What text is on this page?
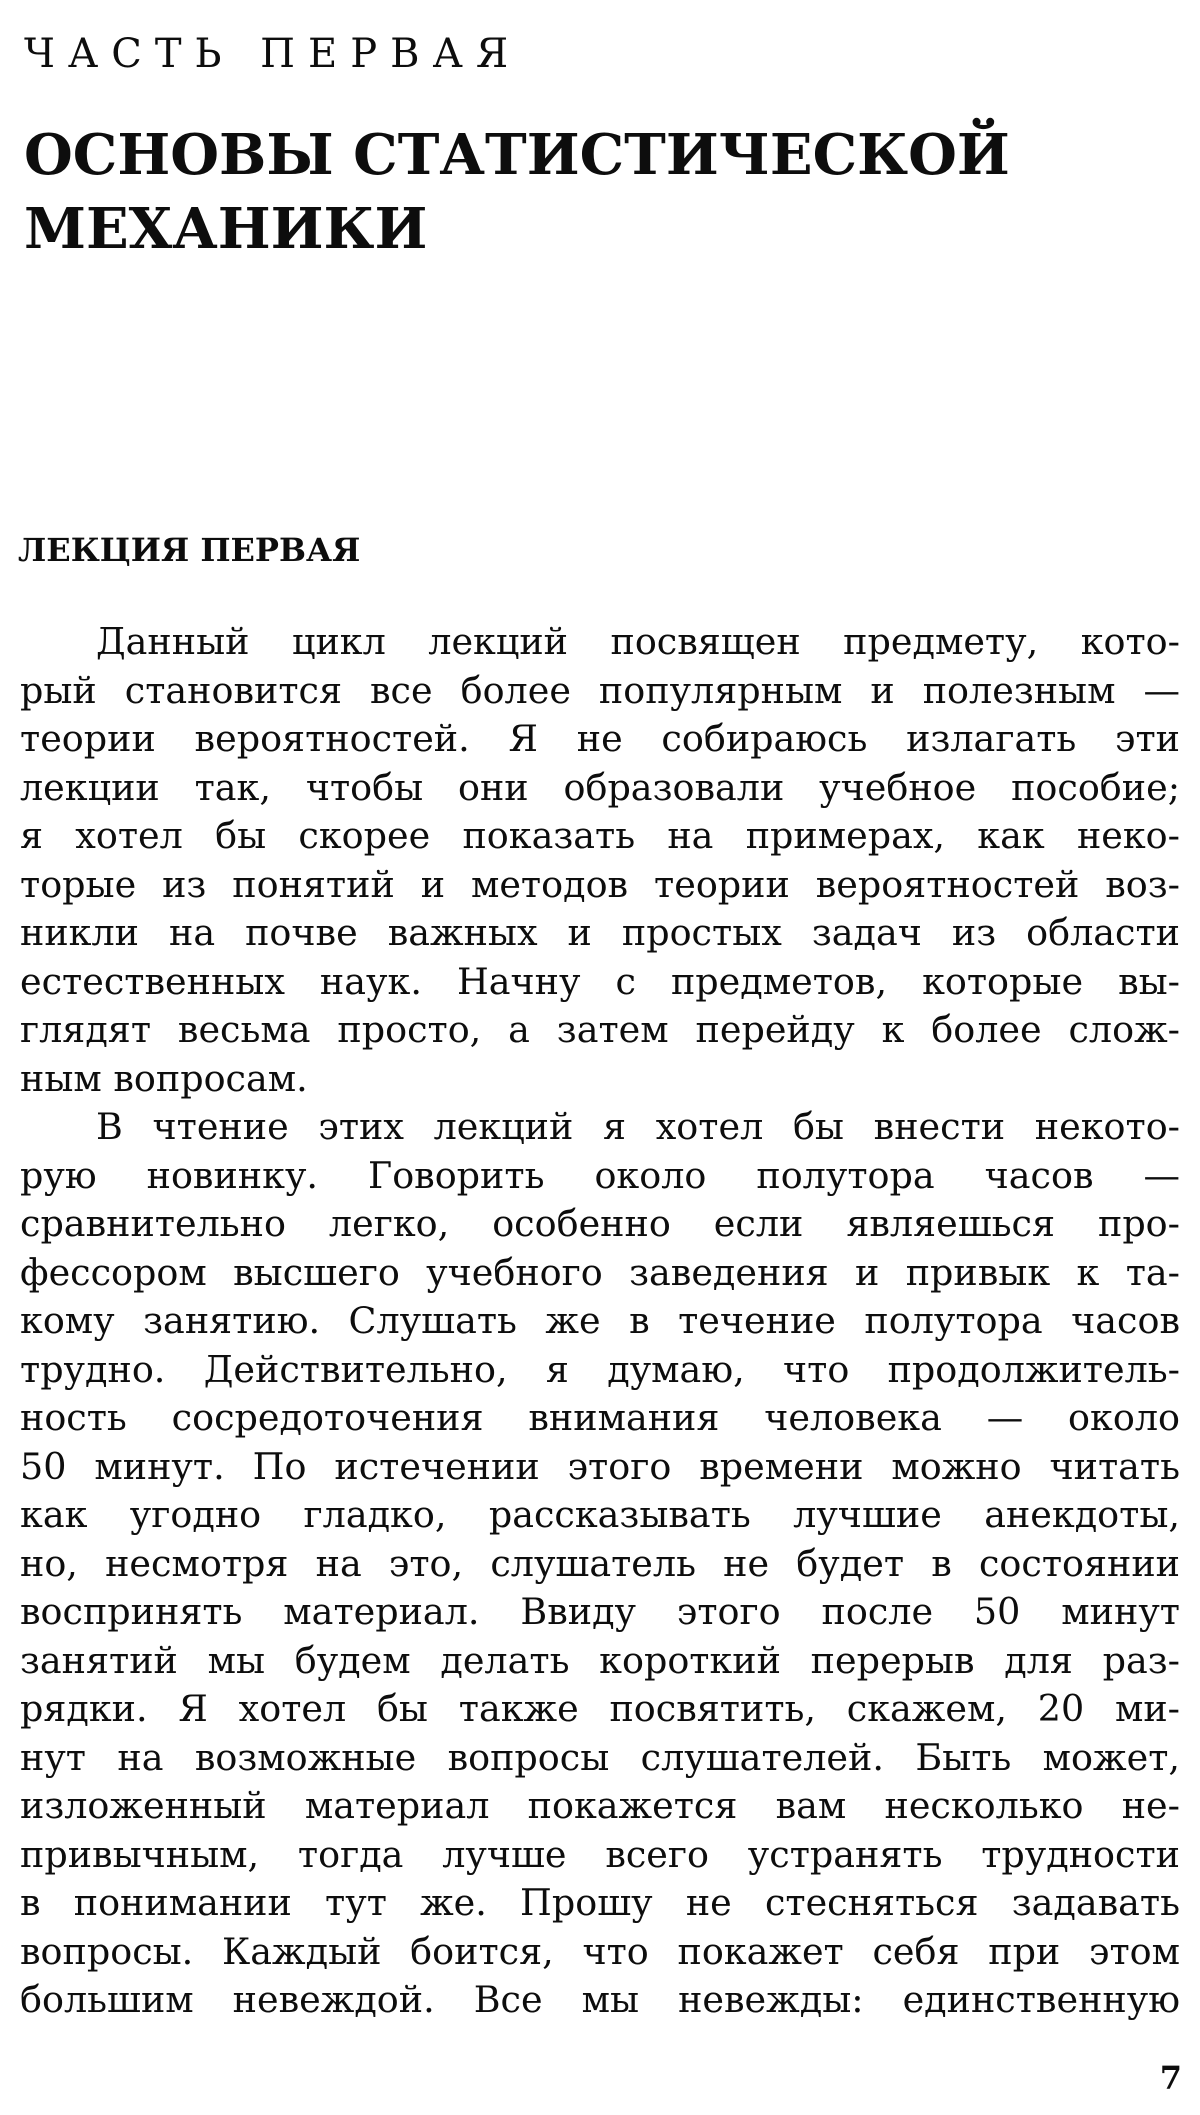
ЧАСТЬ ПЕРВАЯ
ОСНОВЫ СТАТИСТИЧЕСКОЙ
МЕХАНИКИ
ЛЕКЦИЯ ПЕРВАЯ
Данный цикл лекций посвящен предмету, кото-
рый становится все более популярным и полезным —
теории вероятностей. Я не собираюсь излагать эти
лекции так, чтобы они образовали учебное пособие;
я хотел бы скорее показать на примерах, как неко-
торые из понятий и методов теории вероятностей воз-
никли на почве важных и простых задач из области
естественных наук. Начну с предметов, которые вы-
глядят весьма просто, а затем перейду к более слож-
ным вопросам.
В чтение этих лекций я хотел бы внести некото-
рую новинку. Говорить около полутора часов —
сравнительно легко, особенно если являешься про-
фессором высшего учебного заведения и привык к та-
кому занятию. Слушать же в течение полутора часов
трудно. Действительно, я думаю, что продолжитель-
ность сосредоточения внимания человека — около
50 минут. По истечении этого времени можно читать
как угодно гладко, рассказывать лучшие анекдоты,
но, несмотря на это, слушатель не будет в состоянии
воспринять материал. Ввиду этого после 50 минут
занятий мы будем делать короткий перерыв для раз-
рядки. Я хотел бы также посвятить, скажем, 20 ми-
нут на возможные вопросы слушателей. Быть может,
изложенный материал покажется вам несколько не-
привычным, тогда лучше всего устранять трудности
в понимании тут же. Прошу не стесняться задавать
вопросы. Каждый боится, что покажет себя при этом
большим невеждой. Все мы невежды: единственную
7
